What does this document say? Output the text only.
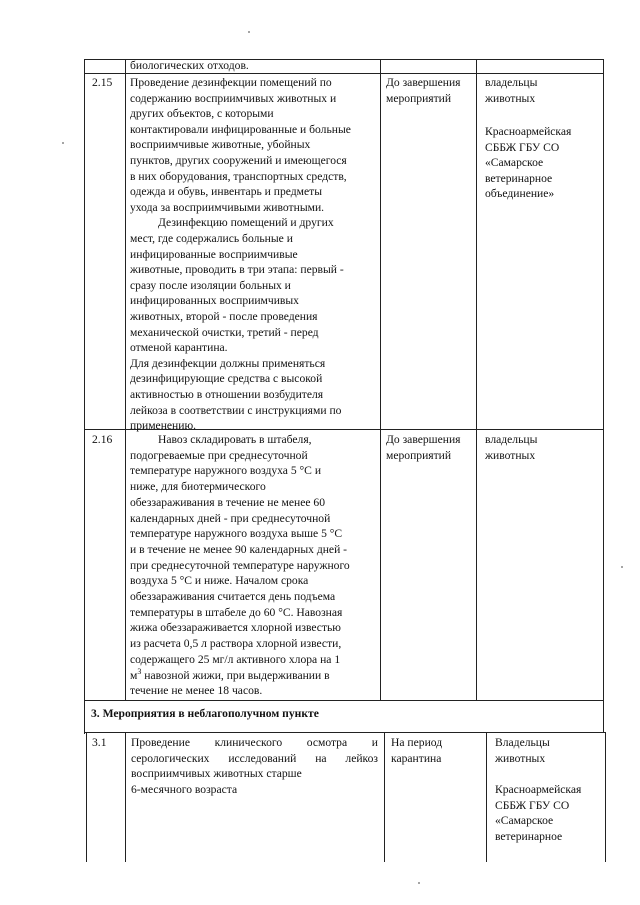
биологических отходов.
2.15 Проведение дезинфекции помещений по
содержанию восприимчивых животных и
других объектов, с которыми
контактировали инфицированные и больные
восприимчивые животные, убойных
пунктов, других сооружений и имеющегося
в них оборудования, транспортных средств,
одежда и обувь, инвентарь и предметы
ухода за восприимчивыми животными.
Дезинфекцию помещений и других
мест, где содержались больные и
инфицированные восприимчивые
животные, проводить в три этапа: первый -
сразу после изоляции больных и
инфицированных восприимчивых
животных, второй - после проведения
механической очистки, третий - перед
отменой карантина.
Для дезинфекции должны применяться
дезинфицирующие средства с высокой
активностью в отношении возбудителя
лейкоза в соответствии с инструкциями по
применению.
До завершения
мероприятий
владельцы
животных
Красноармейская
СББЖ ГБУ СО
«Самарское
ветеринарное
объединение»
2.16	Навоз складировать в штабеля,
подогреваемые при среднесуточной
температуре наружного воздуха 5 °С и
ниже, для биотермического
обеззараживания в течение не менее 60
календарных дней - при среднесуточной
температуре наружного воздуха выше 5 °С
и в течение не менее 90 календарных дней -
при среднесуточной температуре наружного
воздуха 5 °С и ниже. Началом срока
обеззараживания считается день подъема
температуры в штабеле до 60 °С. Навозная
жижа обеззараживается хлорной известью
из расчета 0,5 л раствора хлорной извести,
содержащего 25 мг/л активного хлора на 1
$м^3$ навозной жижи, при выдерживании в
течение не менее 18 часов.
До завершения
мероприятий
владельцы
животных
3. Мероприятия в неблагополучном пункте
3.1 Проведение клинического осмотра и
серологических исследований на лейкоз
восприимчивых животных старше
6-месячного возраста
На период
карантина
Владельцы
животных
Красноармейская
СББЖ ГБУ СО
«Самарское
ветеринарное
